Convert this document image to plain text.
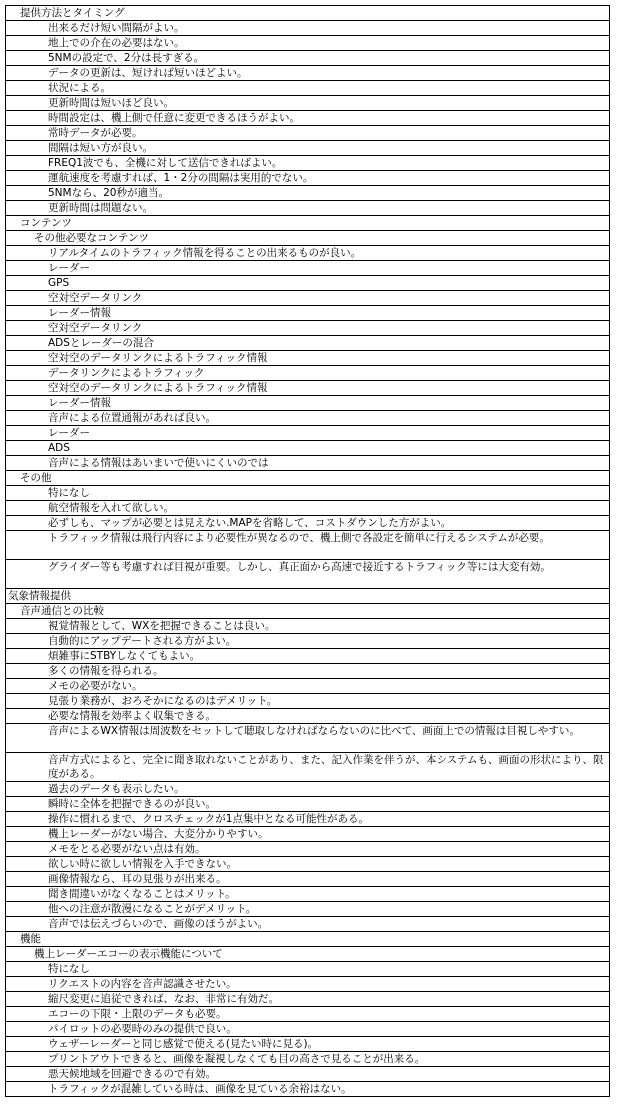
提供方法とタイミング
出来るだけ短い間隔がよい。
地上での介在の必要はない。
5NMの設定で、2分は長すぎる。
データの更新は、短ければ短いほどよい。
状況による。
更新時間は短いほど良い。
時間設定は、機上側で任意に変更できるほうがよい。
常時データが必要。
間隔は短い方が良い。
FREQ1波でも、全機に対して送信できればよい。
運航速度を考慮すれば、1・2分の間隔は実用的でない。
5NMなら、20秒が適当。
更新時間は問題ない。
コンテンツ
その他必要なコンテンツ
リアルタイムのトラフィック情報を得ることの出来るものが良い。
レーダー
GPS
空対空データリンク
レーダー情報
空対空データリンク
ADSとレーダーの混合
空対空のデータリンクによるトラフィック情報
データリンクによるトラフィック
空対空のデータリンクによるトラフィック情報
レーダー情報
音声による位置通報があれば良い。
レーダー
ADS
音声による情報はあいまいで使いにくいのでは
その他
特になし
航空情報を入れて欲しい。
必ずしも、マップが必要とは見えない.MAPを省略して、コストダウンした方がよい。
トラフィック情報は飛行内容により必要性が異なるので、機上側で各設定を簡単に行えるシステムが必要。
グライダー等も考慮すれば目視が重要。しかし、真正面から高速で接近するトラフィック等には大変有効。
気象情報提供
音声通信との比較
視覚情報として、WXを把握できることは良い。
自動的にアップデートされる方がよい。
煩雑事にSTBYしなくてもよい。
多くの情報を得られる。
メモの必要がない。
見張り業務が、おろそかになるのはデメリット。
必要な情報を効率よく収集できる。
音声によるWX情報は周波数をセットして聴取しなければならないのに比べて、画面上での情報は目視しやすい。
音声方式によると、完全に聞き取れないことがあり、また、記入作業を伴うが、本システムも、画面の形状により、限度がある。
過去のデータも表示したい。
瞬時に全体を把握できるのが良い。
操作に慣れるまで、クロスチェックが1点集中となる可能性がある。
機上レーダーがない場合、大変分かりやすい。
メモをとる必要がない点は有効。
欲しい時に欲しい情報を入手できない。
画像情報なら、耳の見張りが出来る。
聞き間違いがなくなることはメリット。
他への注意が散漫になることがデメリット。
音声では伝えづらいので、画像のほうがよい。
機能
機上レーダーエコーの表示機能について
特になし
リクエストの内容を音声認識させたい。
縮尺変更に追従できれば、なお、非常に有効だ。
エコーの下限・上限のデータも必要。
パイロットの必要時のみの提供で良い。
ウェザーレーダーと同じ感覚で使える(見たい時に見る)。
プリントアウトできると、画像を凝視しなくても目の高さで見ることが出来る。
悪天候地域を回避できるので有効。
トラフィックが混雑している時は、画像を見ている余裕はない。
